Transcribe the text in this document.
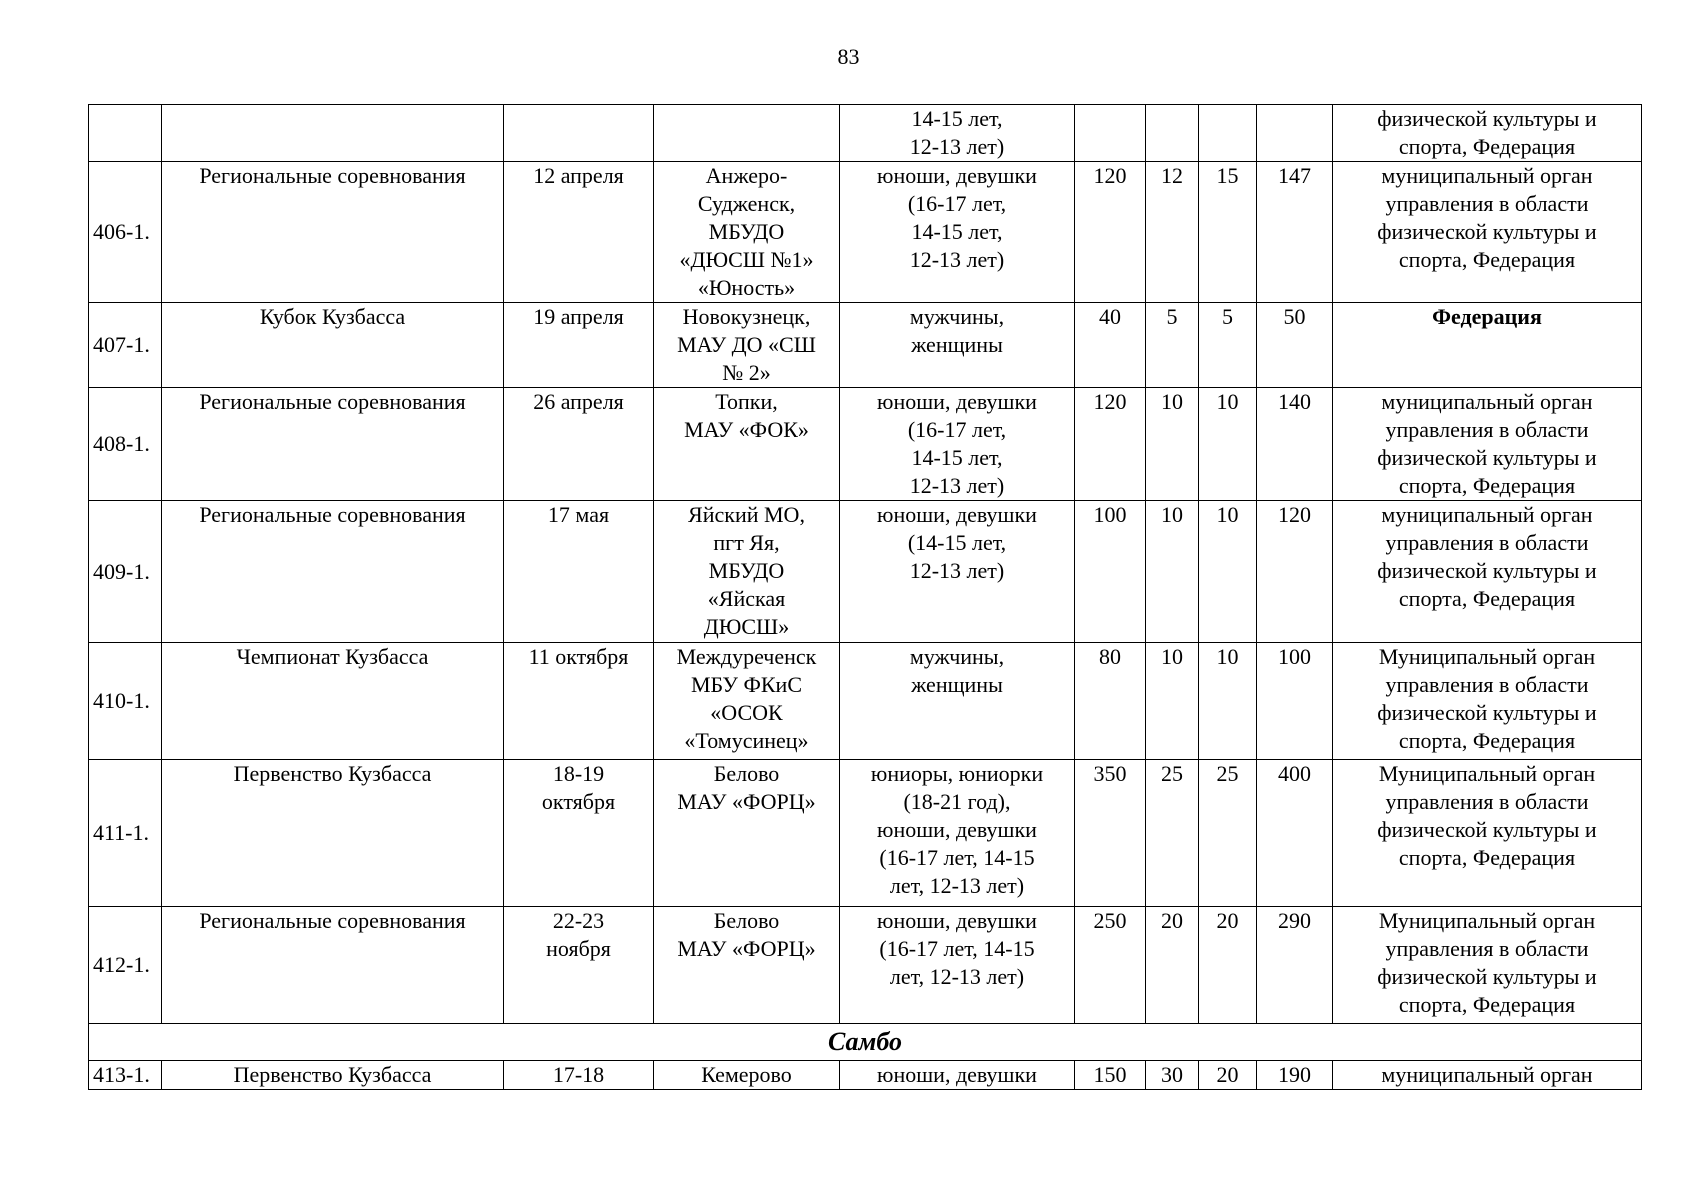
83
				14-15 лет,
12-13 лет)					физической культуры и
спорта, Федерация
406-1.	Региональные соревнования	12 апреля	Анжеро-
Судженск,
МБУДО
«ДЮСШ №1»
«Юность»	юноши, девушки
(16-17 лет,
14-15 лет,
12-13 лет)	120	12	15	147	муниципальный орган
управления в области
физической культуры и
спорта, Федерация
407-1.	Кубок Кузбасса	19 апреля	Новокузнецк,
МАУ ДО «СШ
№ 2»	мужчины,
женщины	40	5	5	50	Федерация
408-1.	Региональные соревнования	26 апреля	Топки,
МАУ «ФОК»	юноши, девушки
(16-17 лет,
14-15 лет,
12-13 лет)	120	10	10	140	муниципальный орган
управления в области
физической культуры и
спорта, Федерация
409-1.	Региональные соревнования	17 мая	Яйский МО,
пгт Яя,
МБУДО
«Яйская
ДЮСШ»	юноши, девушки
(14-15 лет,
12-13 лет)	100	10	10	120	муниципальный орган
управления в области
физической культуры и
спорта, Федерация
410-1.	Чемпионат Кузбасса	11 октября	Междуреченск
МБУ ФКиС
«ОСОК
«Томусинец»	мужчины,
женщины	80	10	10	100	Муниципальный орган
управления в области
физической культуры и
спорта, Федерация
411-1.	Первенство Кузбасса	18-19
октября	Белово
МАУ «ФОРЦ»	юниоры, юниорки
(18-21 год),
юноши, девушки
(16-17 лет, 14-15
лет, 12-13 лет)	350	25	25	400	Муниципальный орган
управления в области
физической культуры и
спорта, Федерация
412-1.	Региональные соревнования	22-23
ноября	Белово
МАУ «ФОРЦ»	юноши, девушки
(16-17 лет, 14-15
лет, 12-13 лет)	250	20	20	290	Муниципальный орган
управления в области
физической культуры и
спорта, Федерация
Самбо									
413-1.	Первенство Кузбасса	17-18	Кемерово	юноши, девушки	150	30	20	190	муниципальный орган
